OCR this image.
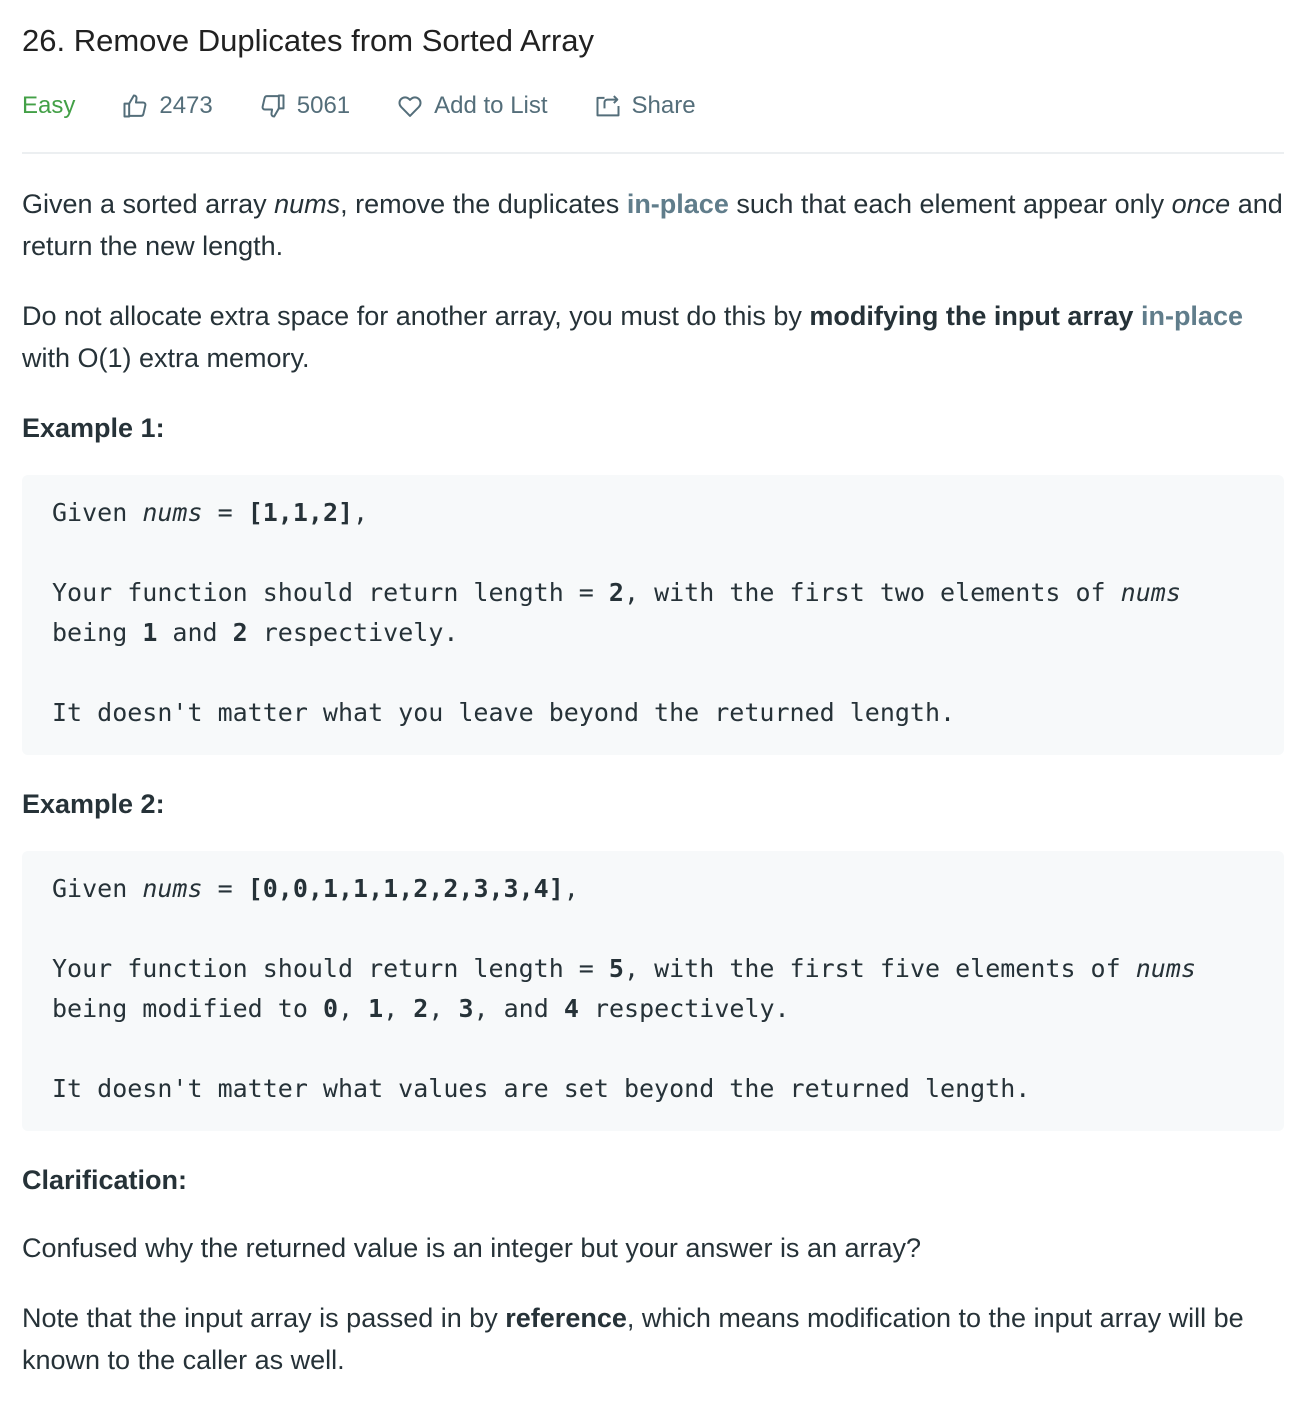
26. Remove Duplicates from Sorted Array
Easy	2473	5061	Add to List	Share

Given a sorted array nums, remove the duplicates in-place such that each element appear only once and return the new length.

Do not allocate extra space for another array, you must do this by modifying the input array in-place with O(1) extra memory.

Example 1:

Given nums = [1,1,2],
Your function should return length = 2, with the first two elements of nums
being 1 and 2 respectively.
It doesn't matter what you leave beyond the returned length.

Example 2:

Given nums = [0,0,1,1,1,2,2,3,3,4],
Your function should return length = 5, with the first five elements of nums
being modified to 0, 1, 2, 3, and 4 respectively.
It doesn't matter what values are set beyond the returned length.

Clarification:

Confused why the returned value is an integer but your answer is an array?

Note that the input array is passed in by reference, which means modification to the input array will be known to the caller as well.
